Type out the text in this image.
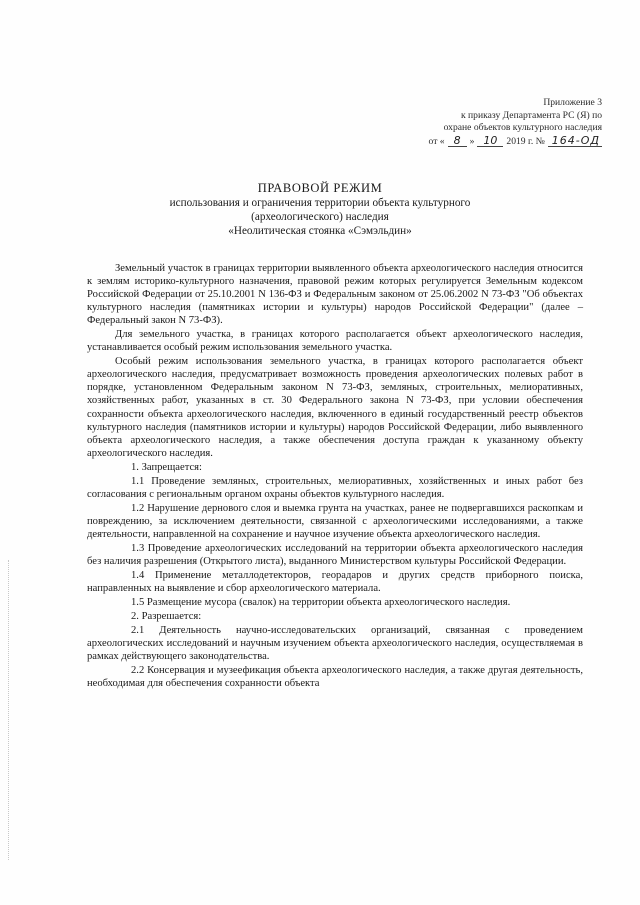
Приложение 3
к приказу Департамента РС (Я) по
охране объектов культурного наследия
от « 8 » 10 2019 г. № 164-ОД

ПРАВОВОЙ РЕЖИМ

использования и ограничения территории объекта культурного

(археологического) наследия

«Неолитическая стоянка «Сэмэльдин»

Земельный участок в границах территории выявленного объекта археологического наследия относится к землям историко-культурного назначения, правовой режим которых регулируется Земельным кодексом Российской Федерации от 25.10.2001 N 136-ФЗ и Федеральным законом от 25.06.2002 N 73-ФЗ "Об объектах культурного наследия (памятниках истории и культуры) народов Российской Федерации" (далее – Федеральный закон N 73-ФЗ).

Для земельного участка, в границах которого располагается объект археологического наследия, устанавливается особый режим использования земельного участка.

Особый режим использования земельного участка, в границах которого располагается объект археологического наследия, предусматривает возможность проведения археологических полевых работ в порядке, установленном Федеральным законом N 73-ФЗ, земляных, строительных, мелиоративных, хозяйственных работ, указанных в ст. 30 Федерального закона N 73-ФЗ, при условии обеспечения сохранности объекта археологического наследия, включенного в единый государственный реестр объектов культурного наследия (памятников истории и культуры) народов Российской Федерации, либо выявленного объекта археологического наследия, а также обеспечения доступа граждан к указанному объекту археологического наследия.

1. Запрещается:

1.1 Проведение земляных, строительных, мелиоративных, хозяйственных и иных работ без согласования с региональным органом охраны объектов культурного наследия.

1.2 Нарушение дернового слоя и выемка грунта на участках, ранее не подвергавшихся раскопкам и повреждению, за исключением деятельности, связанной с археологическими исследованиями, а также деятельности, направленной на сохранение и научное изучение объекта археологического наследия.

1.3 Проведение археологических исследований на территории объекта археологического наследия без наличия разрешения (Открытого листа), выданного Министерством культуры Российской Федерации.

1.4 Применение металлодетекторов, георадаров и других средств приборного поиска, направленных на выявление и сбор археологического материала.

1.5 Размещение мусора (свалок) на территории объекта археологического наследия.

2. Разрешается:

2.1 Деятельность научно-исследовательских организаций, связанная с проведением археологических исследований и научным изучением объекта археологического наследия, осуществляемая в рамках действующего законодательства.

2.2 Консервация и музеефикация объекта археологического наследия, а также другая деятельность, необходимая для обеспечения сохранности объекта
